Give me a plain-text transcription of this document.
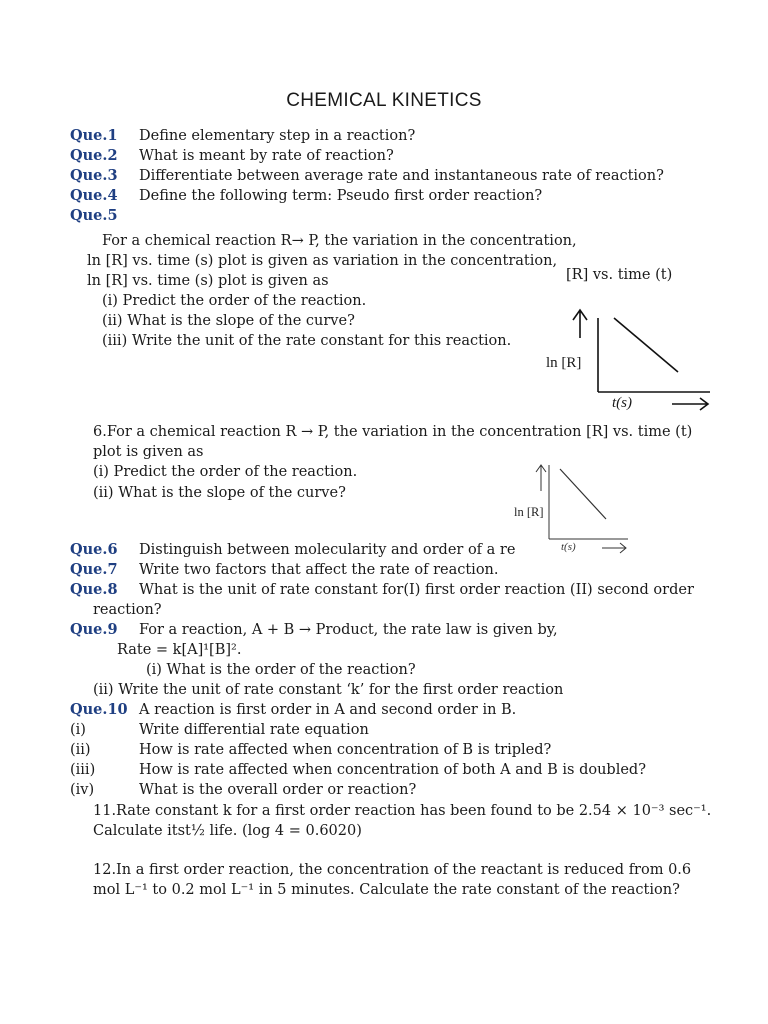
CHEMICAL KINETICS
Que.1 Define elementary step in a reaction?
Que.2 What is meant by rate of reaction?
Que.3 Differentiate between average rate and instantaneous rate of reaction?
Que.4 Define the following term: Pseudo first order reaction?
Que.5
For a chemical reaction R→ P, the variation in the concentration,
ln [R] vs. time (s) plot is given as variation in the concentration,
ln [R] vs. time (s) plot is given as
(i) Predict the order of the reaction.
(ii) What is the slope of the curve?
(iii) Write the unit of the rate constant for this reaction.
[R] vs. time (t)
ln [R]
t(s)
6.For a chemical reaction R → P, the variation in the concentration [R] vs. time (t)
plot is given as
(i) Predict the order of the reaction.
(ii) What is the slope of the curve?
ln [R]
t(s)
Que.6 Distinguish between molecularity and order of a re
Que.7 Write two factors that affect the rate of reaction.
Que.8 What is the unit of rate constant for(I) first order reaction (II) second order
reaction?
Que.9 For a reaction, A + B → Product, the rate law is given by,
Rate = k[A]¹[B]².
(i) What is the order of the reaction?
(ii) Write the unit of rate constant ‘k’ for the first order reaction
Que.10 A reaction is first order in A and second order in B.
(i)	Write differential rate equation
(ii)	How is rate affected when concentration of B is tripled?
(iii)	How is rate affected when concentration of both A and B is doubled?
(iv)	What is the overall order or reaction?
11.Rate constant k for a first order reaction has been found to be 2.54 × 10⁻³ sec⁻¹.
Calculate itst½ life. (log 4 = 0.6020)
12.In a first order reaction, the concentration of the reactant is reduced from 0.6
mol L⁻¹ to 0.2 mol L⁻¹ in 5 minutes. Calculate the rate constant of the reaction?
